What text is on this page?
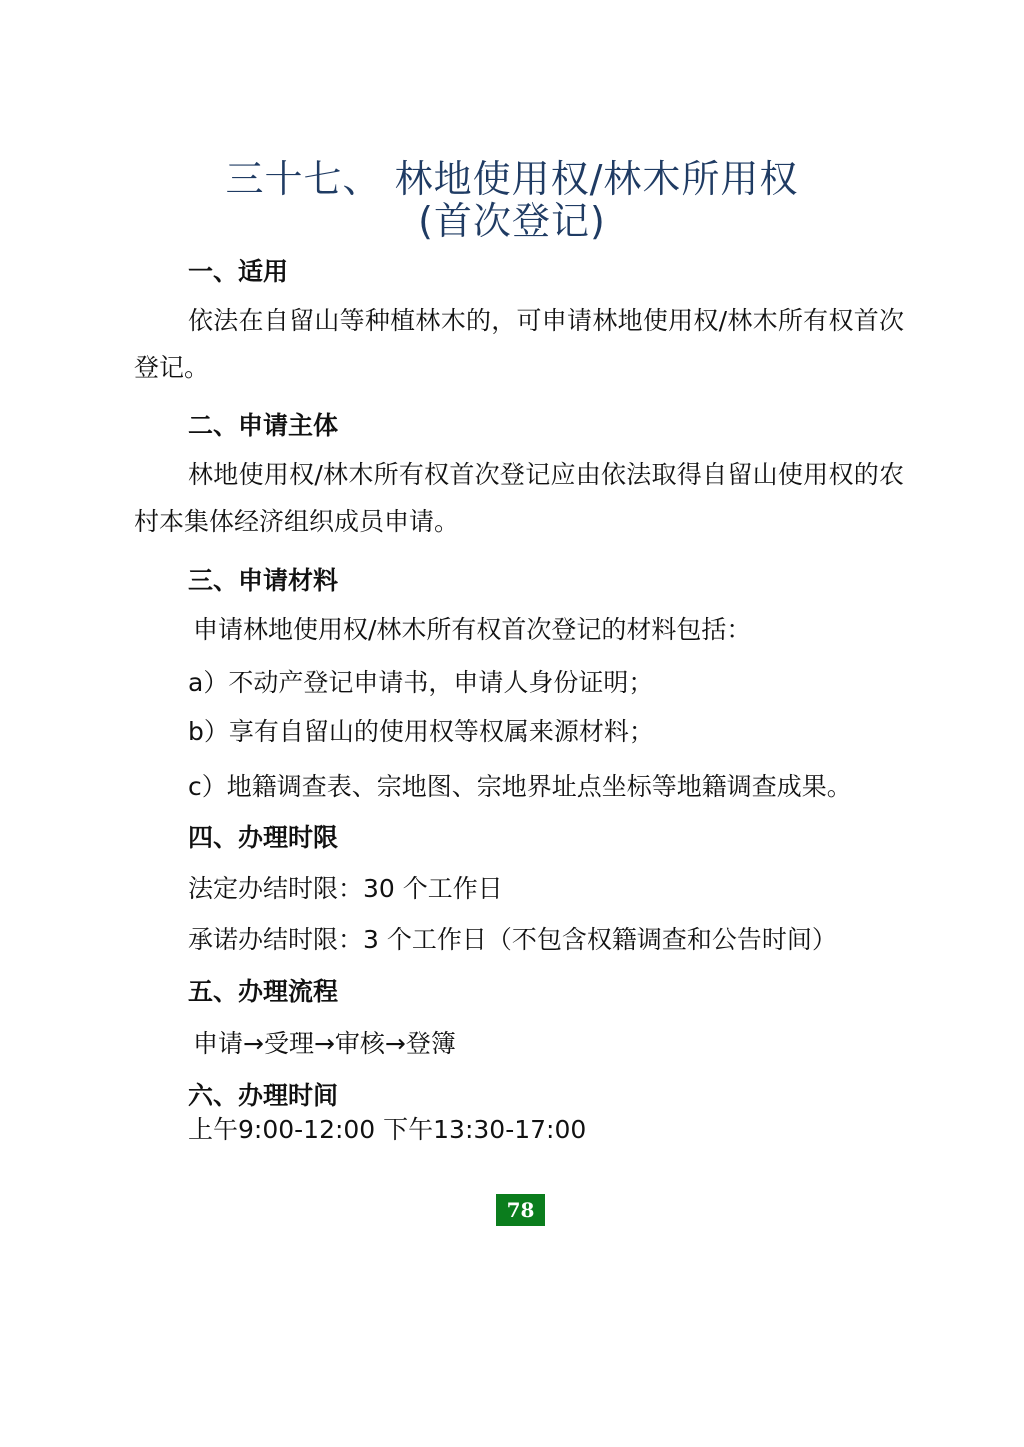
三十七、 林地使用权/林木所用权
(首次登记)
一、适用
依法在自留山等种植林木的，可申请林地使用权/林木所有权首次登记。
二、申请主体
林地使用权/林木所有权首次登记应由依法取得自留山使用权的农村本集体经济组织成员申请。
三、申请材料
申请林地使用权/林木所有权首次登记的材料包括：
a）不动产登记申请书，申请人身份证明；
b）享有自留山的使用权等权属来源材料；
c）地籍调查表、宗地图、宗地界址点坐标等地籍调查成果。
四、办理时限
法定办结时限：30 个工作日
承诺办结时限：3 个工作日（不包含权籍调查和公告时间）
五、办理流程
申请→受理→审核→登簿
六、办理时间
上午9:00-12:00 下午13:30-17:00
78
